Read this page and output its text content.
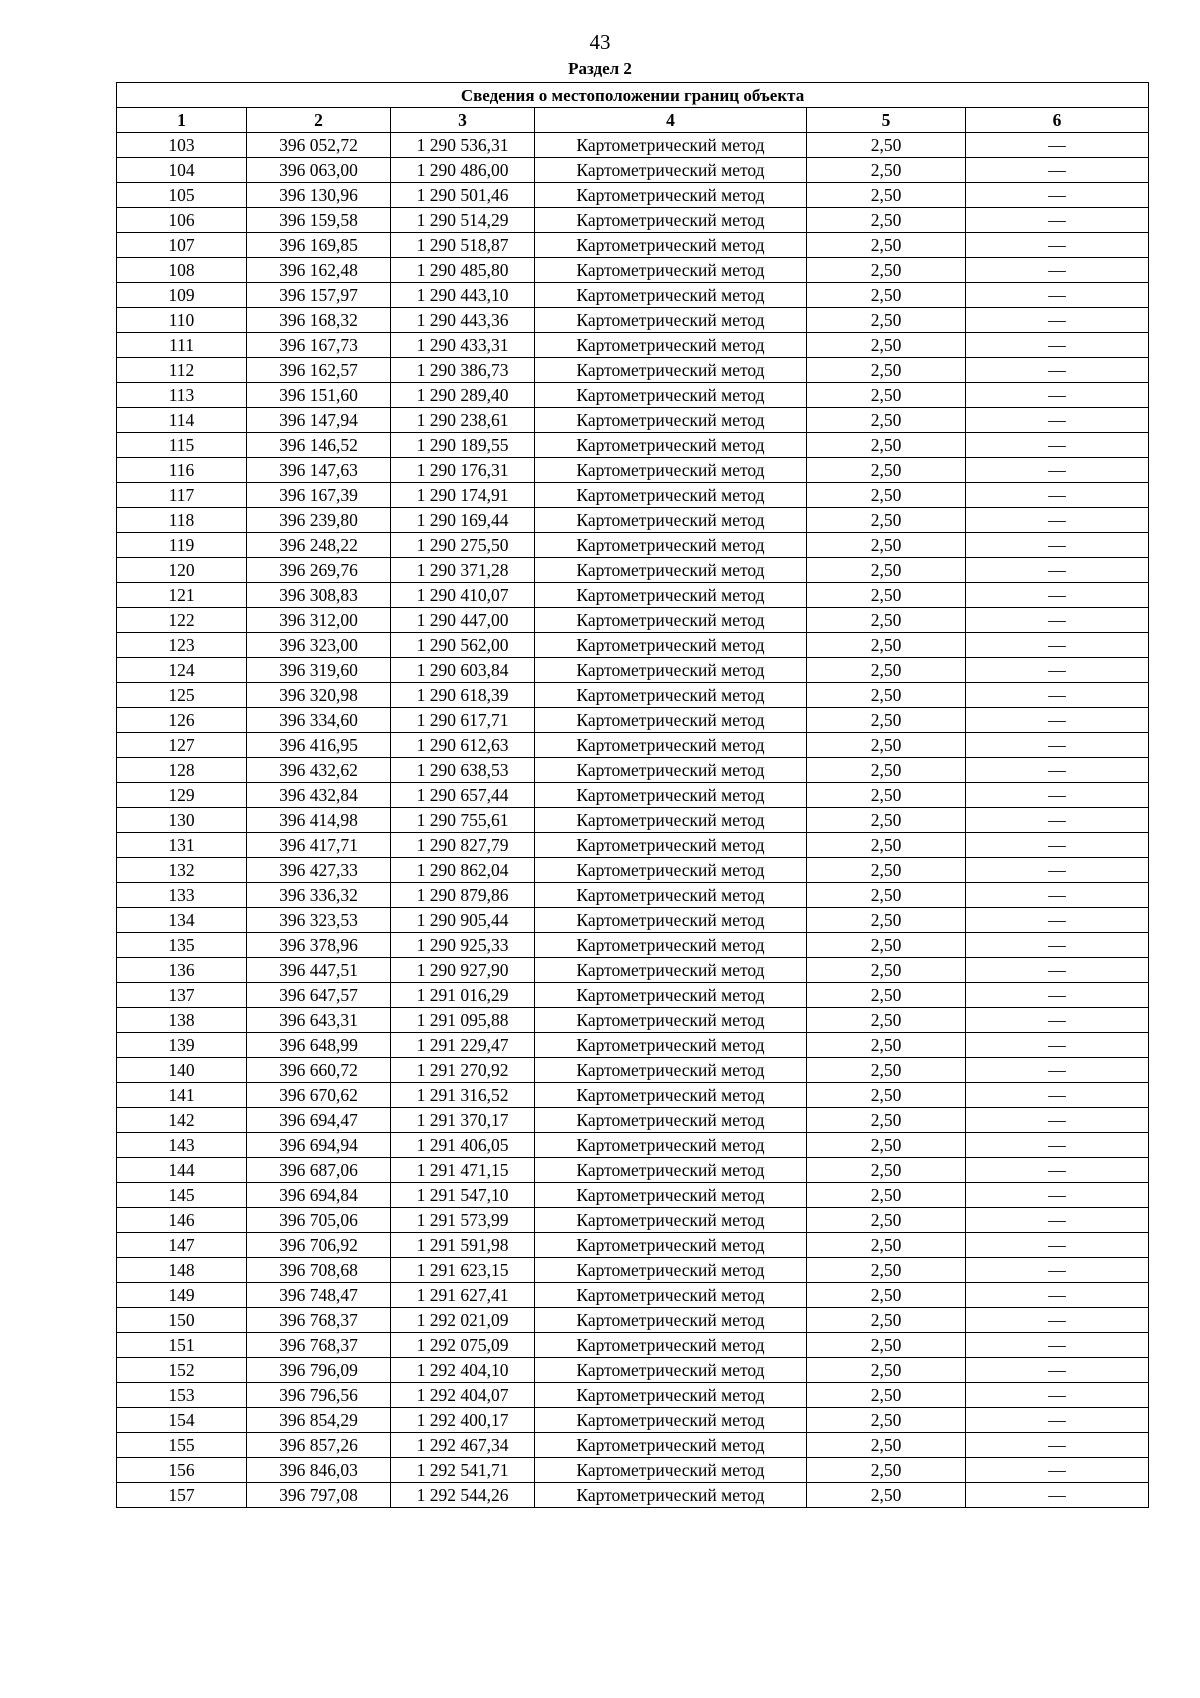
43
Раздел 2
Сведения о местоположении границ объекта					
1	2	3	4	5	6
103	396 052,72	1 290 536,31	Картометрический метод	2,50	—
104	396 063,00	1 290 486,00	Картометрический метод	2,50	—
105	396 130,96	1 290 501,46	Картометрический метод	2,50	—
106	396 159,58	1 290 514,29	Картометрический метод	2,50	—
107	396 169,85	1 290 518,87	Картометрический метод	2,50	—
108	396 162,48	1 290 485,80	Картометрический метод	2,50	—
109	396 157,97	1 290 443,10	Картометрический метод	2,50	—
110	396 168,32	1 290 443,36	Картометрический метод	2,50	—
111	396 167,73	1 290 433,31	Картометрический метод	2,50	—
112	396 162,57	1 290 386,73	Картометрический метод	2,50	—
113	396 151,60	1 290 289,40	Картометрический метод	2,50	—
114	396 147,94	1 290 238,61	Картометрический метод	2,50	—
115	396 146,52	1 290 189,55	Картометрический метод	2,50	—
116	396 147,63	1 290 176,31	Картометрический метод	2,50	—
117	396 167,39	1 290 174,91	Картометрический метод	2,50	—
118	396 239,80	1 290 169,44	Картометрический метод	2,50	—
119	396 248,22	1 290 275,50	Картометрический метод	2,50	—
120	396 269,76	1 290 371,28	Картометрический метод	2,50	—
121	396 308,83	1 290 410,07	Картометрический метод	2,50	—
122	396 312,00	1 290 447,00	Картометрический метод	2,50	—
123	396 323,00	1 290 562,00	Картометрический метод	2,50	—
124	396 319,60	1 290 603,84	Картометрический метод	2,50	—
125	396 320,98	1 290 618,39	Картометрический метод	2,50	—
126	396 334,60	1 290 617,71	Картометрический метод	2,50	—
127	396 416,95	1 290 612,63	Картометрический метод	2,50	—
128	396 432,62	1 290 638,53	Картометрический метод	2,50	—
129	396 432,84	1 290 657,44	Картометрический метод	2,50	—
130	396 414,98	1 290 755,61	Картометрический метод	2,50	—
131	396 417,71	1 290 827,79	Картометрический метод	2,50	—
132	396 427,33	1 290 862,04	Картометрический метод	2,50	—
133	396 336,32	1 290 879,86	Картометрический метод	2,50	—
134	396 323,53	1 290 905,44	Картометрический метод	2,50	—
135	396 378,96	1 290 925,33	Картометрический метод	2,50	—
136	396 447,51	1 290 927,90	Картометрический метод	2,50	—
137	396 647,57	1 291 016,29	Картометрический метод	2,50	—
138	396 643,31	1 291 095,88	Картометрический метод	2,50	—
139	396 648,99	1 291 229,47	Картометрический метод	2,50	—
140	396 660,72	1 291 270,92	Картометрический метод	2,50	—
141	396 670,62	1 291 316,52	Картометрический метод	2,50	—
142	396 694,47	1 291 370,17	Картометрический метод	2,50	—
143	396 694,94	1 291 406,05	Картометрический метод	2,50	—
144	396 687,06	1 291 471,15	Картометрический метод	2,50	—
145	396 694,84	1 291 547,10	Картометрический метод	2,50	—
146	396 705,06	1 291 573,99	Картометрический метод	2,50	—
147	396 706,92	1 291 591,98	Картометрический метод	2,50	—
148	396 708,68	1 291 623,15	Картометрический метод	2,50	—
149	396 748,47	1 291 627,41	Картометрический метод	2,50	—
150	396 768,37	1 292 021,09	Картометрический метод	2,50	—
151	396 768,37	1 292 075,09	Картометрический метод	2,50	—
152	396 796,09	1 292 404,10	Картометрический метод	2,50	—
153	396 796,56	1 292 404,07	Картометрический метод	2,50	—
154	396 854,29	1 292 400,17	Картометрический метод	2,50	—
155	396 857,26	1 292 467,34	Картометрический метод	2,50	—
156	396 846,03	1 292 541,71	Картометрический метод	2,50	—
157	396 797,08	1 292 544,26	Картометрический метод	2,50	—
